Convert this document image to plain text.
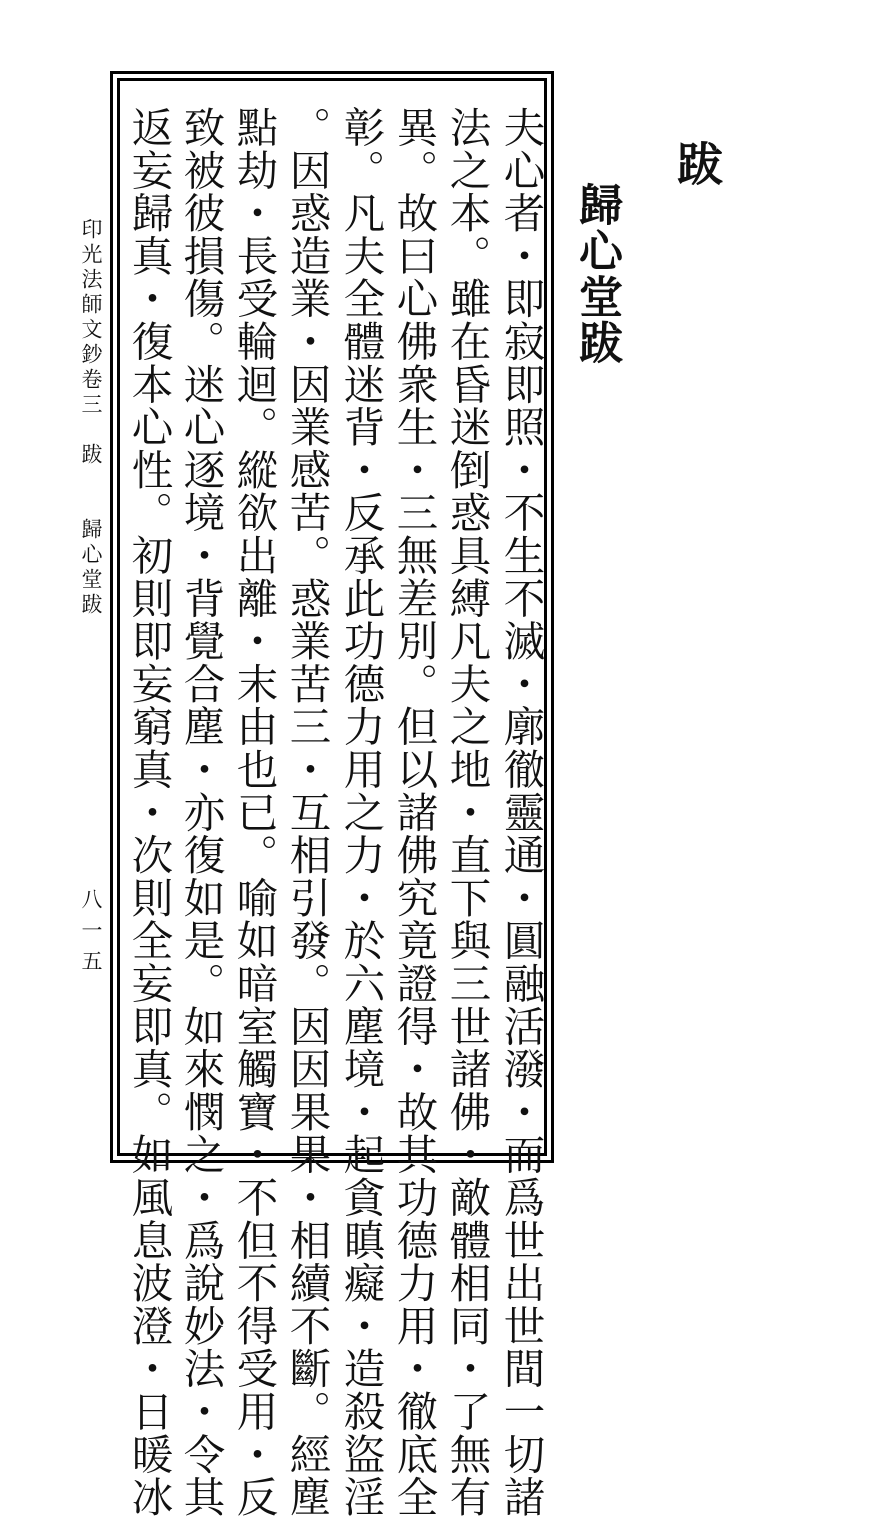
跋
歸心堂跋
夫心者・即寂即照・不生不滅・廓徹靈通・圓融活潑・而爲世出世間一切諸
法之本。雖在昏迷倒惑具縛凡夫之地・直下與三世諸佛・敵體相同・了無有
異。故曰心佛衆生・三無差別。但以諸佛究竟證得・故其功德力用・徹底全
彰。凡夫全體迷背・反承此功德力用之力・於六塵境・起貪瞋癡・造殺盜淫
。因惑造業・因業感苦。惑業苦三・互相引發。因因果果・相續不斷。經塵
點劫・長受輪迴。縱欲出離・末由也已。喻如暗室觸寶・不但不得受用・反
致被彼損傷。迷心逐境・背覺合塵・亦復如是。如來憫之・爲說妙法・令其
返妄歸真・復本心性。初則即妄窮真・次則全妄即真。如風息波澄・日暖冰
印光法師文鈔卷三　跋　　歸心堂跋
八一五
